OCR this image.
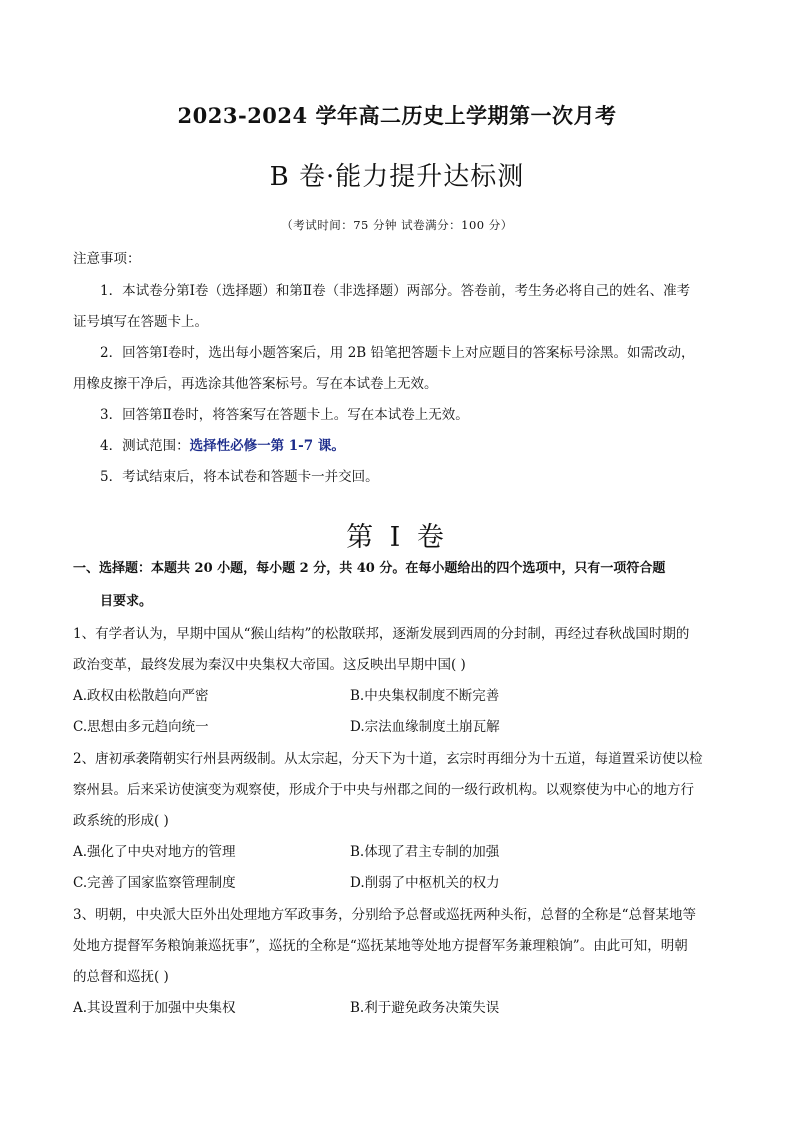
2023-2024 学年高二历史上学期第一次月考
B 卷·能力提升达标测
（考试时间：75 分钟 试卷满分：100 分）
注意事项：
1．本试卷分第Ⅰ卷（选择题）和第Ⅱ卷（非选择题）两部分。答卷前，考生务必将自己的姓名、准考
证号填写在答题卡上。
2．回答第Ⅰ卷时，选出每小题答案后，用 2B 铅笔把答题卡上对应题目的答案标号涂黑。如需改动，
用橡皮擦干净后，再选涂其他答案标号。写在本试卷上无效。
3．回答第Ⅱ卷时，将答案写在答题卡上。写在本试卷上无效。
4．测试范围：选择性必修一第 1-7 课。
5．考试结束后，将本试卷和答题卡一并交回。
第 I 卷
一、选择题：本题共 20 小题，每小题 2 分，共 40 分。在每小题给出的四个选项中，只有一项符合题
目要求。
1、有学者认为，早期中国从“猴山结构”的松散联邦，逐渐发展到西周的分封制，再经过春秋战国时期的
政治变革，最终发展为秦汉中央集权大帝国。这反映出早期中国( )
A.政权由松散趋向严密	B.中央集权制度不断完善
C.思想由多元趋向统一	D.宗法血缘制度土崩瓦解
2、唐初承袭隋朝实行州县两级制。从太宗起，分天下为十道，玄宗时再细分为十五道，每道置采访使以检
察州县。后来采访使演变为观察使，形成介于中央与州郡之间的一级行政机构。以观察使为中心的地方行
政系统的形成( )
A.强化了中央对地方的管理	B.体现了君主专制的加强
C.完善了国家监察管理制度	D.削弱了中枢机关的权力
3、明朝，中央派大臣外出处理地方军政事务，分别给予总督或巡抚两种头衔，总督的全称是“总督某地等
处地方提督军务粮饷兼巡抚事”，巡抚的全称是“巡抚某地等处地方提督军务兼理粮饷”。由此可知，明朝
的总督和巡抚( )
A.其设置利于加强中央集权	B.利于避免政务决策失误
